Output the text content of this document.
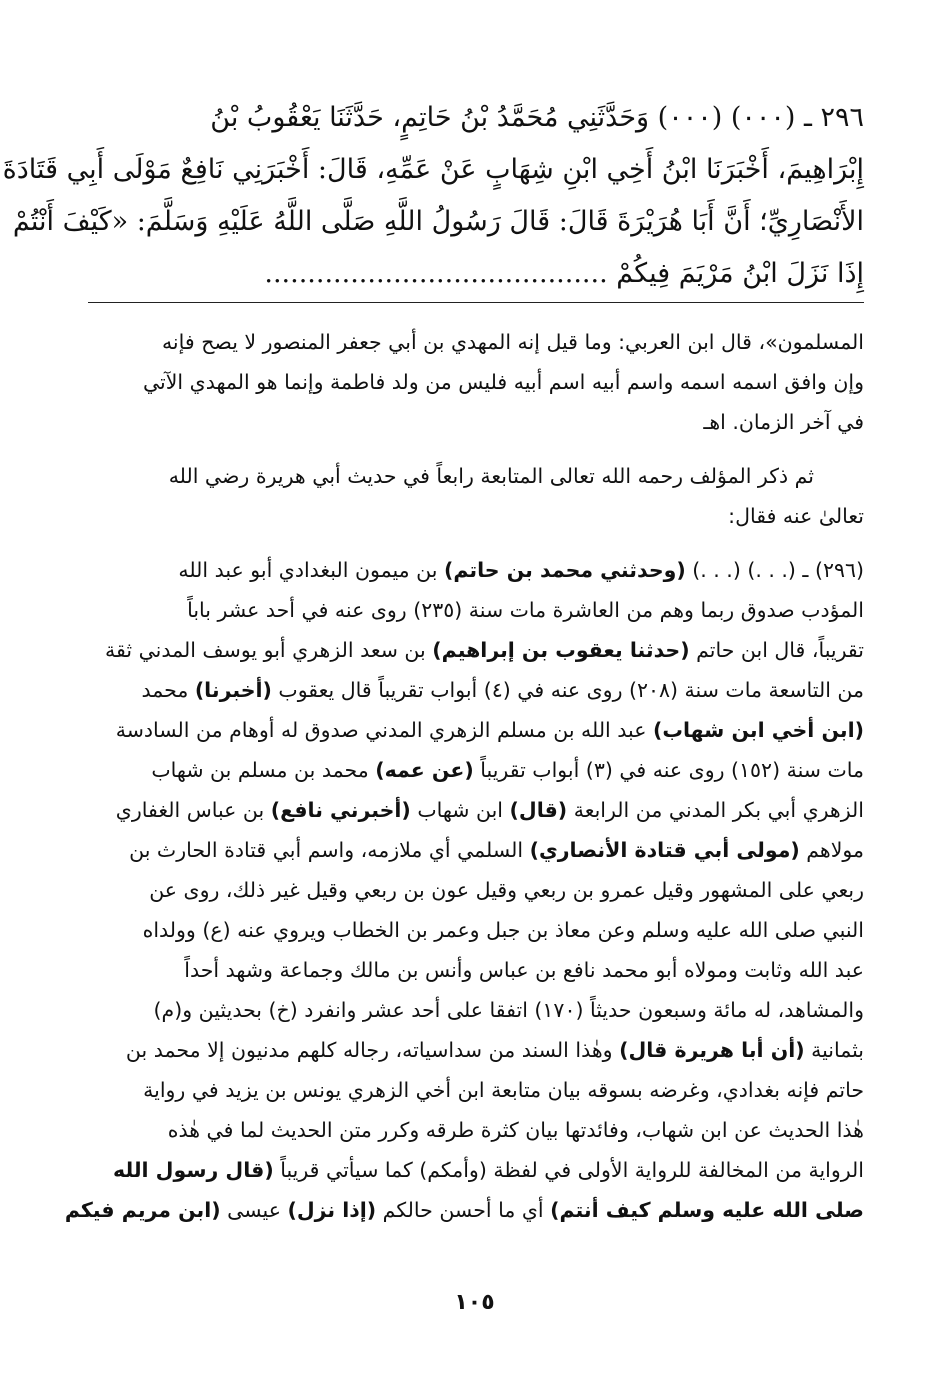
٢٩٦ ـ (٠٠٠) (٠٠٠) وَحَدَّثَنِي مُحَمَّدُ بْنُ حَاتِمٍ، حَدَّثَنَا يَعْقُوبُ بْنُ
إِبْرَاهِيمَ، أَخْبَرَنَا ابْنُ أَخِي ابْنِ شِهَابٍ عَنْ عَمِّهِ، قَالَ: أَخْبَرَنِي نَافِعٌ مَوْلَى أَبِي قَتَادَةَ
الأَنْصَارِيِّ؛ أَنَّ أَبَا هُرَيْرَةَ قَالَ: قَالَ رَسُولُ اللَّهِ صَلَّى اللَّهُ عَلَيْهِ وَسَلَّمَ: «كَيْفَ أَنْتُمْ
إِذَا نَزَلَ ابْنُ مَرْيَمَ فِيكُمْ ........................................
المسلمون»، قال ابن العربي: وما قيل إنه المهدي بن أبي جعفر المنصور لا يصح فإنه
وإن وافق اسمه اسمه واسم أبيه اسم أبيه فليس من ولد فاطمة وإنما هو المهدي الآتي
في آخر الزمان. اهـ
ثم ذكر المؤلف رحمه الله تعالى المتابعة رابعاً في حديث أبي هريرة رضي الله
تعالىٰ عنه فقال:
(٢٩٦) ـ (. . .) (. . .) (وحدثني محمد بن حاتم) بن ميمون البغدادي أبو عبد الله
المؤدب صدوق ربما وهم من العاشرة مات سنة (٢٣٥) روى عنه في أحد عشر باباً
تقريباً، قال ابن حاتم (حدثنا يعقوب بن إبراهيم) بن سعد الزهري أبو يوسف المدني ثقة
من التاسعة مات سنة (٢٠٨) روى عنه في (٤) أبواب تقريباً قال يعقوب (أخبرنا) محمد
(ابن أخي ابن شهاب) عبد الله بن مسلم الزهري المدني صدوق له أوهام من السادسة
مات سنة (١٥٢) روى عنه في (٣) أبواب تقريباً (عن عمه) محمد بن مسلم بن شهاب
الزهري أبي بكر المدني من الرابعة (قال) ابن شهاب (أخبرني نافع) بن عباس الغفاري
مولاهم (مولى أبي قتادة الأنصاري) السلمي أي ملازمه، واسم أبي قتادة الحارث بن
ربعي على المشهور وقيل عمرو بن ربعي وقيل عون بن ربعي وقيل غير ذلك، روى عن
النبي صلى الله عليه وسلم وعن معاذ بن جبل وعمر بن الخطاب ويروي عنه (ع) وولداه
عبد الله وثابت ومولاه أبو محمد نافع بن عباس وأنس بن مالك وجماعة وشهد أحداً
والمشاهد، له مائة وسبعون حديثاً (١٧٠) اتفقا على أحد عشر وانفرد (خ) بحديثين و(م)
بثمانية (أن أبا هريرة قال) وهٰذا السند من سداسياته، رجاله كلهم مدنيون إلا محمد بن
حاتم فإنه بغدادي، وغرضه بسوقه بيان متابعة ابن أخي الزهري يونس بن يزيد في رواية
هٰذا الحديث عن ابن شهاب، وفائدتها بيان كثرة طرقه وكرر متن الحديث لما في هٰذه
الرواية من المخالفة للرواية الأولى في لفظة (وأمكم) كما سيأتي قريباً (قال رسول الله
صلى الله عليه وسلم كيف أنتم) أي ما أحسن حالكم (إذا نزل) عيسى (ابن مريم فيكم
١٠٥
